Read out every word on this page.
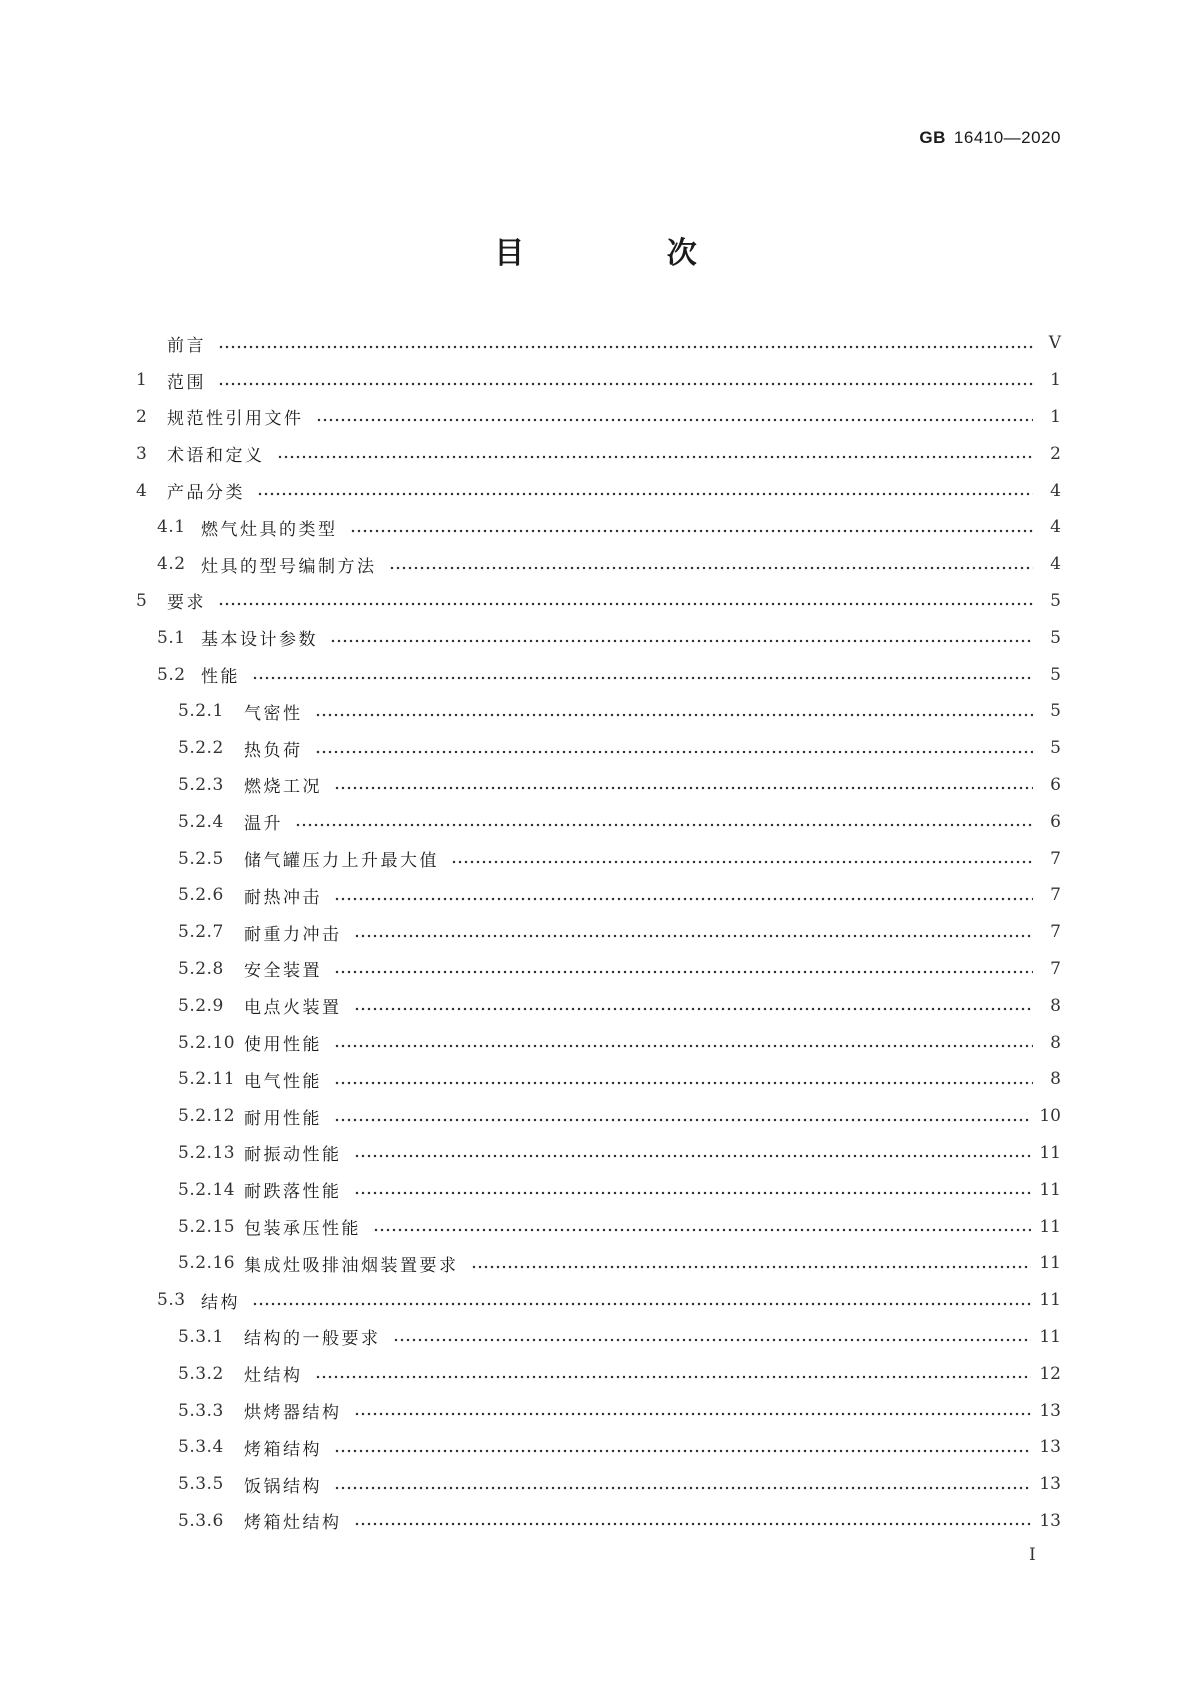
GB 16410—2020
目 次
前言	Ⅴ
1	范围	1
2	规范性引用文件	1
3	术语和定义	2
4	产品分类	4
4.1 燃气灶具的类型	4
4.2 灶具的型号编制方法	4
5	要求	5
5.1 基本设计参数	5
5.2 性能	5
5.2.1	气密性	5
5.2.2	热负荷	5
5.2.3	燃烧工况	6
5.2.4	温升	6
5.2.5	储气罐压力上升最大值	7
5.2.6	耐热冲击	7
5.2.7	耐重力冲击	7
5.2.8	安全装置	7
5.2.9	电点火装置	8
5.2.10 使用性能	8
5.2.11 电气性能	8
5.2.12 耐用性能	10
5.2.13 耐振动性能	11
5.2.14 耐跌落性能	11
5.2.15 包装承压性能	11
5.2.16 集成灶吸排油烟装置要求	11
5.3 结构	11
5.3.1	结构的一般要求	11
5.3.2	灶结构	12
5.3.3	烘烤器结构	13
5.3.4	烤箱结构	13
5.3.5	饭锅结构	13
5.3.6	烤箱灶结构	13
I
